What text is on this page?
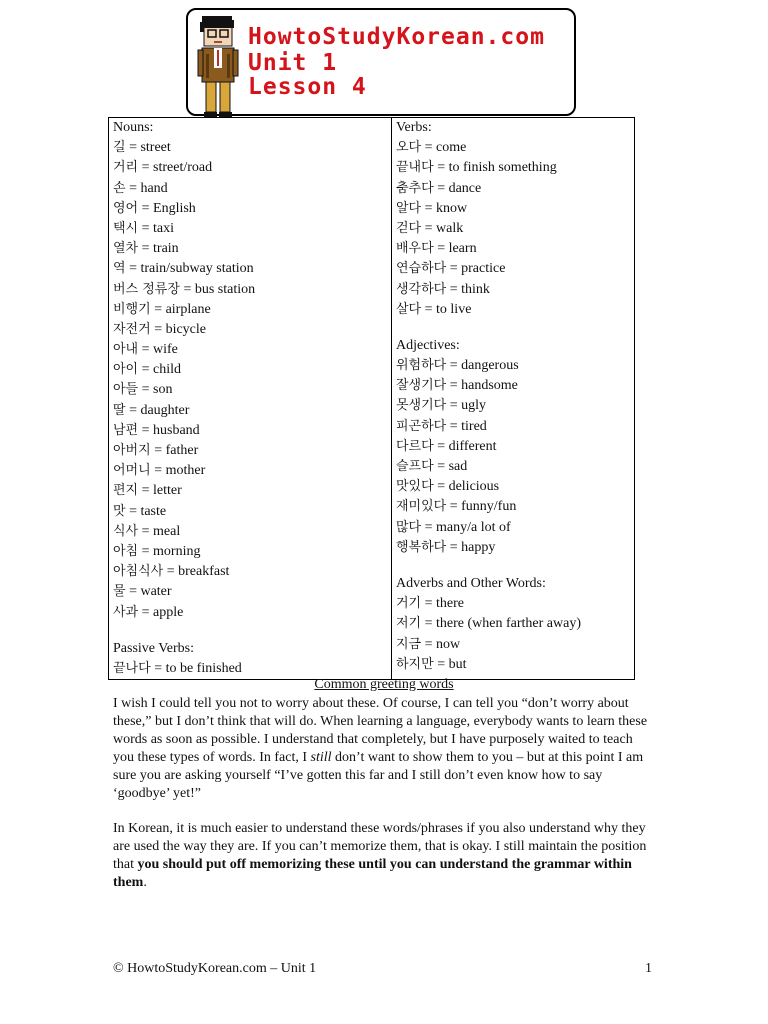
HowtoStudyKorean.com
Unit 1
Lesson 4
Nouns:
길 = street
거리 = street/road
손 = hand
영어 = English
택시 = taxi
열차 = train
역 = train/subway station
버스 정류장 = bus station
비행기 = airplane
자전거 = bicycle
아내 = wife
아이 = child
아들 = son
딸 = daughter
남편 = husband
아버지 = father
어머니 = mother
편지 = letter
맛 = taste
식사 = meal
아침 = morning
아침식사 = breakfast
물 = water
사과 = apple
Passive Verbs:
끝나다 = to be finished

Verbs:
오다 = come
끝내다 = to finish something
춤추다 = dance
알다 = know
걷다 = walk
배우다 = learn
연습하다 = practice
생각하다 = think
살다 = to live
Adjectives:
위험하다 = dangerous
잘생기다 = handsome
못생기다 = ugly
피곤하다 = tired
다르다 = different
슬프다 = sad
맛있다 = delicious
재미있다 = funny/fun
많다 = many/a lot of
행복하다 = happy
Adverbs and Other Words:
거기 = there
저기 = there (when farther away)
지금 = now
하지만 = but
Common greeting words
I wish I could tell you not to worry about these. Of course, I can tell you “don’t worry about these,” but I don’t think that will do. When learning a language, everybody wants to learn these words as soon as possible. I understand that completely, but I have purposely waited to teach you these types of words. In fact, I still don’t want to show them to you – but at this point I am sure you are asking yourself “I’ve gotten this far and I still don’t even know how to say ‘goodbye’ yet!”
In Korean, it is much easier to understand these words/phrases if you also understand why they are used the way they are. If you can’t memorize them, that is okay. I still maintain the position that you should put off memorizing these until you can understand the grammar within them.
© HowtoStudyKorean.com – Unit 1	1
